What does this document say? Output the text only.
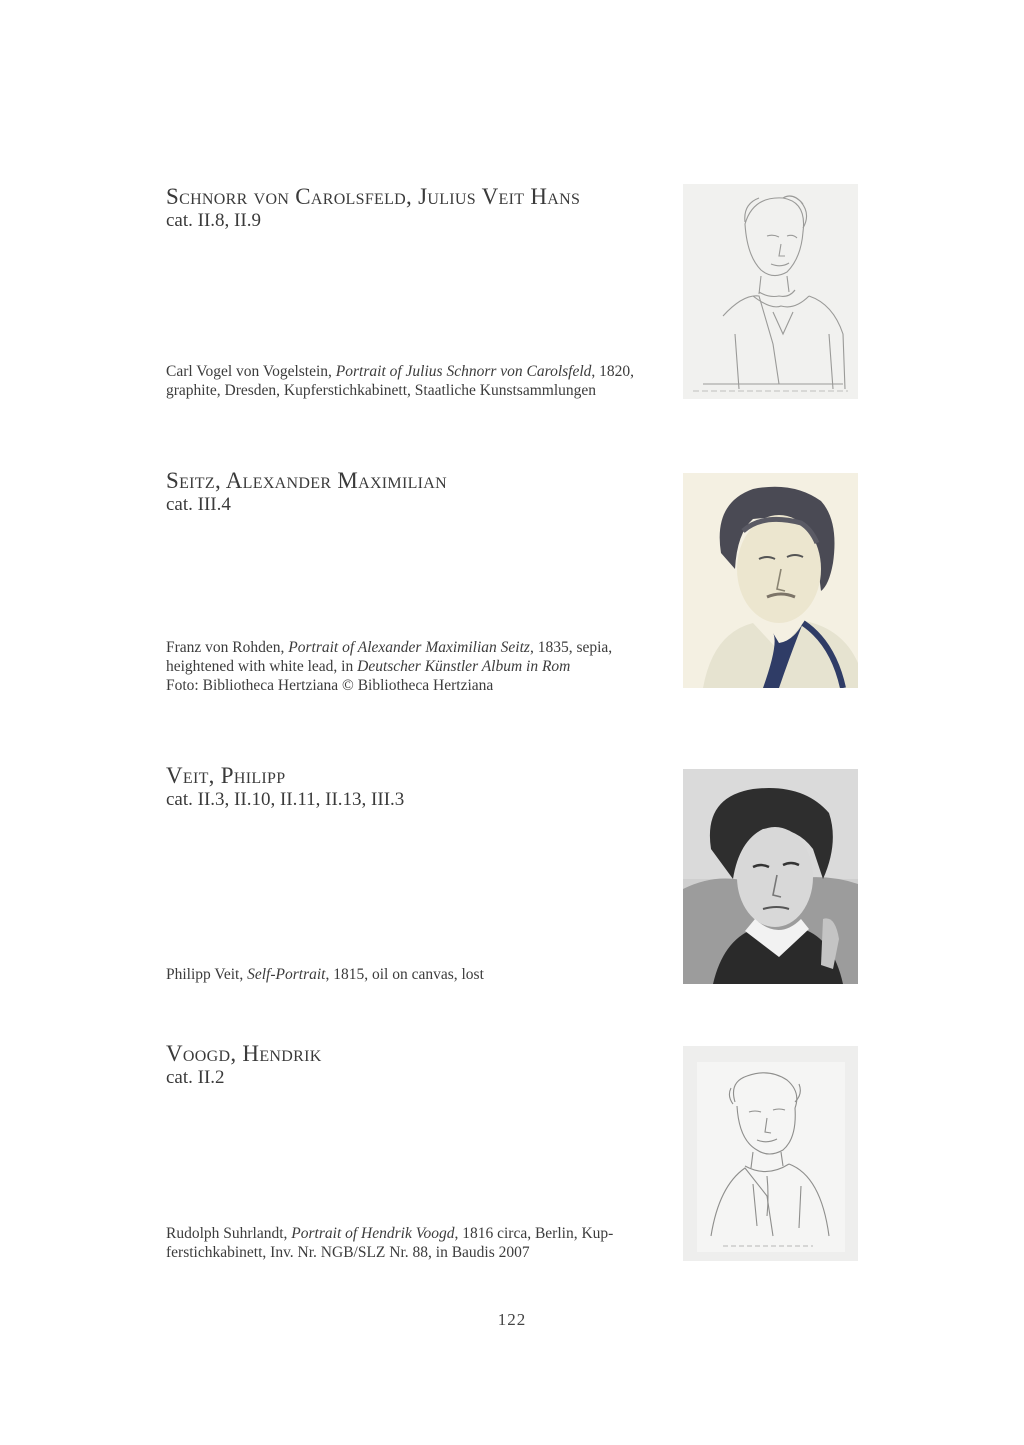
Schnorr von Carolsfeld, Julius Veit Hans
cat. II.8, II.9
Carl Vogel von Vogelstein, Portrait of Julius Schnorr von Carolsfeld, 1820,
graphite, Dresden, Kupferstichkabinett, Staatliche Kunstsammlungen
Seitz, Alexander Maximilian
cat. III.4
Franz von Rohden, Portrait of Alexander Maximilian Seitz, 1835, sepia,
heightened with white lead, in Deutscher Künstler Album in Rom
Foto: Bibliotheca Hertziana © Bibliotheca Hertziana
Veit, Philipp
cat. II.3, II.10, II.11, II.13, III.3
Philipp Veit, Self-Portrait, 1815, oil on canvas, lost
Voogd, Hendrik
cat. II.2
Rudolph Suhrlandt, Portrait of Hendrik Voogd, 1816 circa, Berlin, Kup-
ferstichkabinett, Inv. Nr. NGB/SLZ Nr. 88, in Baudis 2007
122
